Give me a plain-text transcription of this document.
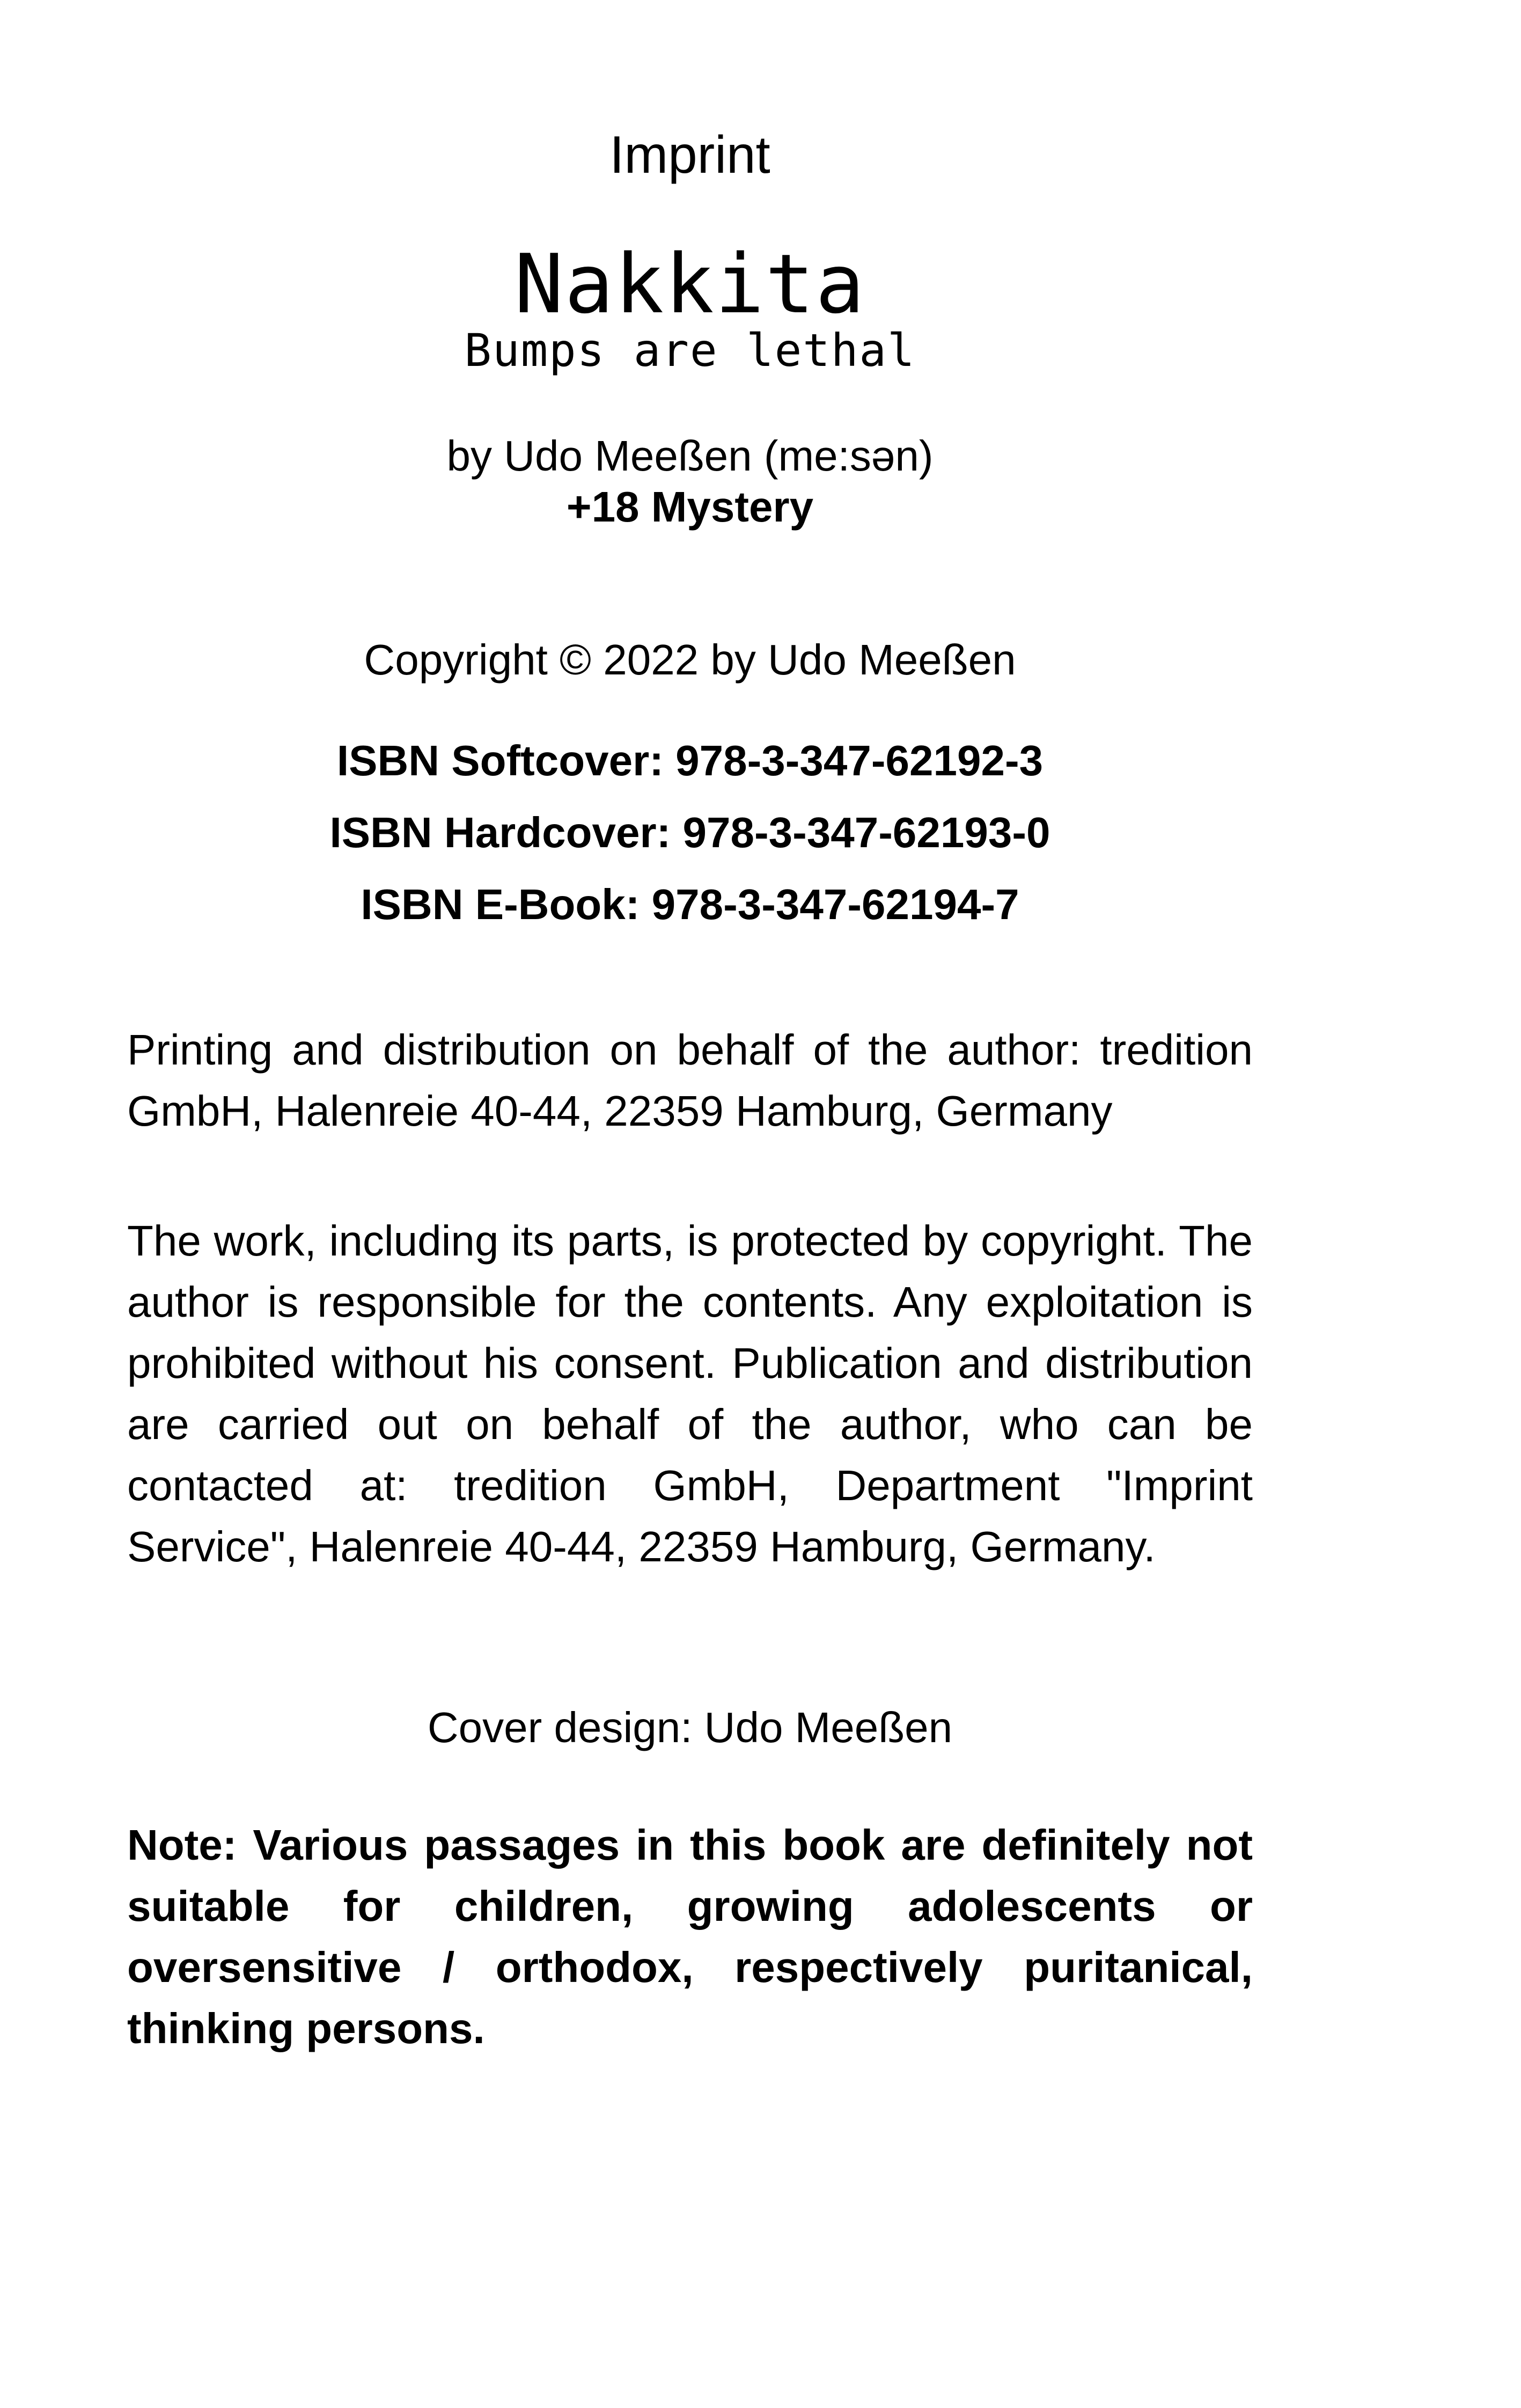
Imprint
Nakkita
Bumps are lethal
by Udo Meeßen (me:sən)
+18 Mystery
Copyright © 2022 by Udo Meeßen
ISBN Softcover: 978-3-347-62192-3
ISBN Hardcover: 978-3-347-62193-0
ISBN E-Book: 978-3-347-62194-7
Printing and distribution on behalf of the author: tredition GmbH, Halenreie 40-44, 22359 Hamburg, Germany
The work, including its parts, is protected by copyright. The author is responsible for the contents. Any exploitation is prohibited without his consent. Publication and distribution are carried out on behalf of the author, who can be contacted at: tredition GmbH, Department "Imprint Service", Halenreie 40-44, 22359 Hamburg, Germany.
Cover design: Udo Meeßen
Note: Various passages in this book are definitely not suitable for children, growing adolescents or oversensitive / orthodox, respectively puritanical, thinking persons.
